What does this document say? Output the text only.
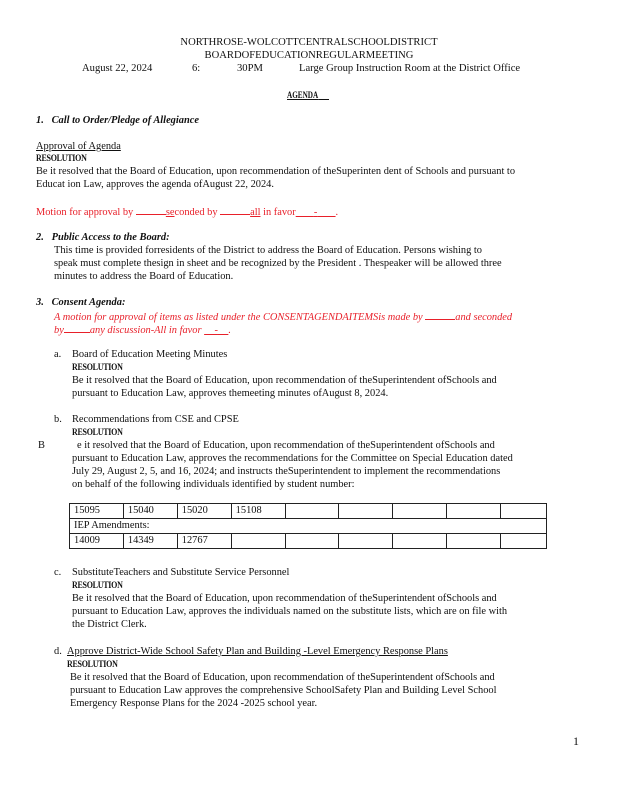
NORTHROSE-WOLCOTTCENTRALSCHOOLDISTRICT
BOARDOFEDUCATIONREGULARMEETING
August 22, 2024	6:	30PM	Large Group Instruction Room at the District Office
AGENDA
1. Call to Order/Pledge of Allegiance
Approval of Agenda
RESOLUTION
Be it resolved that the Board of Education, upon recommendation of theSuperinten dent of Schools and pursuant to
Educat ion Law, approves the agenda ofAugust 22, 2024.
Motion for approval by	seconded by	all in favor - .
2. Public Access to the Board:
This time is provided forresidents of the District to address the Board of Education. Persons wishing to
speak must complete thesign in sheet and be recognized by the President . Thespeaker will be allowed three
minutes to address the Board of Education.
3. Consent Agenda:
A motion for approval of items as listed under the CONSENTAGENDAITEMSis made by	and seconded
by	any discussion-All in favor     - .
a. Board of Education Meeting Minutes
RESOLUTION
Be it resolved that the Board of Education, upon recommendation of theSuperintendent ofSchools and
pursuant to Education Law, approves themeeting minutes ofAugust 8, 2024.
b. Recommendations from CSE and CPSE
RESOLUTION
B	e it resolved that the Board of Education, upon recommendation of theSuperintendent ofSchools and
pursuant to Education Law, approves the recommendations for the Committee on Special Education dated
July 29, August 2, 5, and 16, 2024; and instructs theSuperintendent to implement the recommendations
on behalf of the following individuals identified by student number:
15095	15040	15020	15108					
IEP Amendments:								
14009	14349	12767						
c. SubstituteTeachers and Substitute Service Personnel
RESOLUTION
Be it resolved that the Board of Education, upon recommendation of theSuperintendent ofSchools and
pursuant to Education Law, approves the individuals named on the substitute lists, which are on file with
the District Clerk.
d. Approve District-Wide School Safety Plan and Building -Level Emergency Response Plans
RESOLUTION
Be it resolved that the Board of Education, upon recommendation of theSuperintendent ofSchools and
pursuant to Education Law approves the comprehensive SchoolSafety Plan and Building Level School
Emergency Response Plans for the 2024 -2025 school year.
1
